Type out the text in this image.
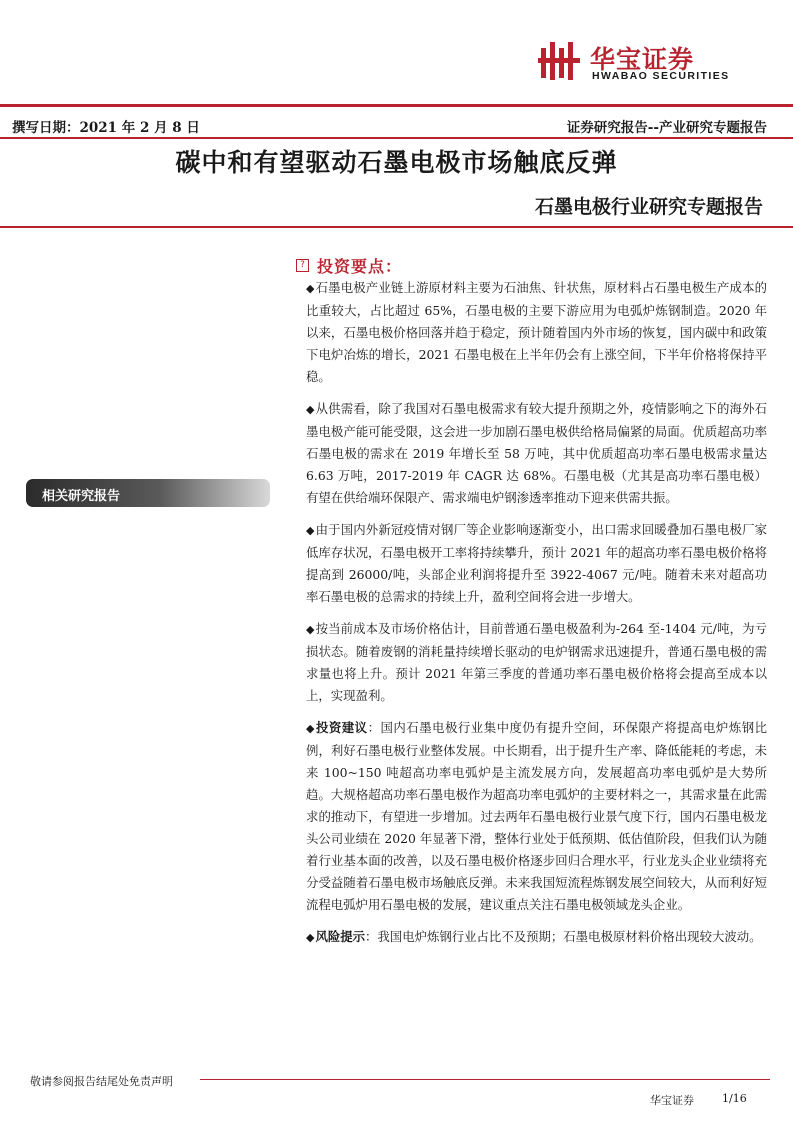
华宝证券
HWABAO SECURITIES
撰写日期：2021 年 2 月 8 日	证券研究报告--产业研究专题报告
碳中和有望驱动石墨电极市场触底反弹
石墨电极行业研究专题报告
? 投资要点：
相关研究报告

◆石墨电极产业链上游原材料主要为石油焦、针状焦，原材料占石墨电极生产成本的比重较大，占比超过 65%，石墨电极的主要下游应用为电弧炉炼钢制造。2020 年以来，石墨电极价格回落并趋于稳定，预计随着国内外市场的恢复，国内碳中和政策下电炉冶炼的增长，2021 石墨电极在上半年仍会有上涨空间，下半年价格将保持平稳。

◆从供需看，除了我国对石墨电极需求有较大提升预期之外，疫情影响之下的海外石墨电极产能可能受限，这会进一步加剧石墨电极供给格局偏紧的局面。优质超高功率石墨电极的需求在 2019 年增长至 58 万吨，其中优质超高功率石墨电极需求量达 6.63 万吨，2017-2019 年 CAGR 达 68%。石墨电极（尤其是高功率石墨电极）有望在供给端环保限产、需求端电炉钢渗透率推动下迎来供需共振。

◆由于国内外新冠疫情对钢厂等企业影响逐渐变小，出口需求回暖叠加石墨电极厂家低库存状况，石墨电极开工率将持续攀升，预计 2021 年的超高功率石墨电极价格将提高到 26000/吨，头部企业利润将提升至 3922-4067 元/吨。随着未来对超高功率石墨电极的总需求的持续上升，盈利空间将会进一步增大。

◆按当前成本及市场价格估计，目前普通石墨电极盈利为-264 至-1404 元/吨，为亏损状态。随着废钢的消耗量持续增长驱动的电炉钢需求迅速提升，普通石墨电极的需求量也将上升。预计 2021 年第三季度的普通功率石墨电极价格将会提高至成本以上，实现盈利。

◆投资建议：国内石墨电极行业集中度仍有提升空间，环保限产将提高电炉炼钢比例，利好石墨电极行业整体发展。中长期看，出于提升生产率、降低能耗的考虑，未来 100~150 吨超高功率电弧炉是主流发展方向，发展超高功率电弧炉是大势所趋。大规格超高功率石墨电极作为超高功率电弧炉的主要材料之一，其需求量在此需求的推动下，有望进一步增加。过去两年石墨电极行业景气度下行，国内石墨电极龙头公司业绩在 2020 年显著下滑，整体行业处于低预期、低估值阶段，但我们认为随着行业基本面的改善，以及石墨电极价格逐步回归合理水平，行业龙头企业业绩将充分受益随着石墨电极市场触底反弹。未来我国短流程炼钢发展空间较大，从而利好短流程电弧炉用石墨电极的发展，建议重点关注石墨电极领域龙头企业。

◆风险提示：我国电炉炼钢行业占比不及预期；石墨电极原材料价格出现较大波动。

敬请参阅报告结尾处免责声明
华宝证券	1/16
